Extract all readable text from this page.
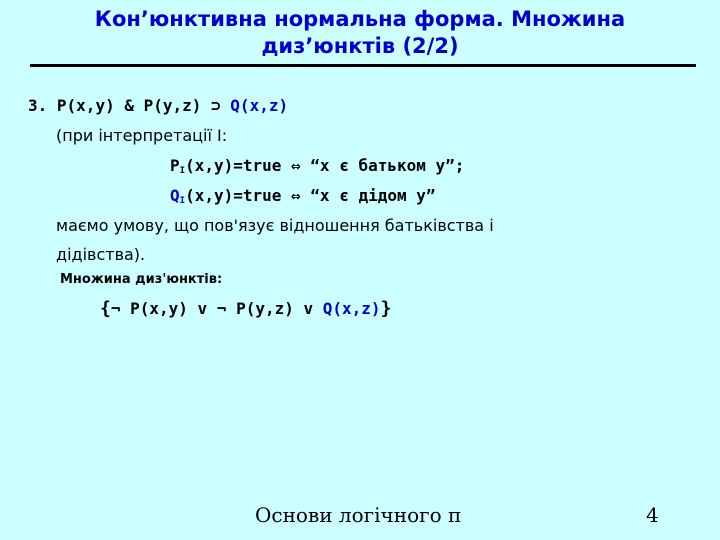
Кон’юнктивна нормальна форма. Множина
диз’юнктів (2/2)
3. P(x,y) & P(y,z) ⊃ Q(x,z)
(при інтерпретації I:
$P_I(x,y)=true$ ⇔ “x є батьком y”;
$Q_I(x,y)=true$ ⇔ “x є дідом y”
маємо умову, що пов'язує відношення батьківства і
дідівства).
Множина диз'юнктів:
{¬ P(x,y) v ¬ P(y,z) v Q(x,z)}
Основи логічного п	4
